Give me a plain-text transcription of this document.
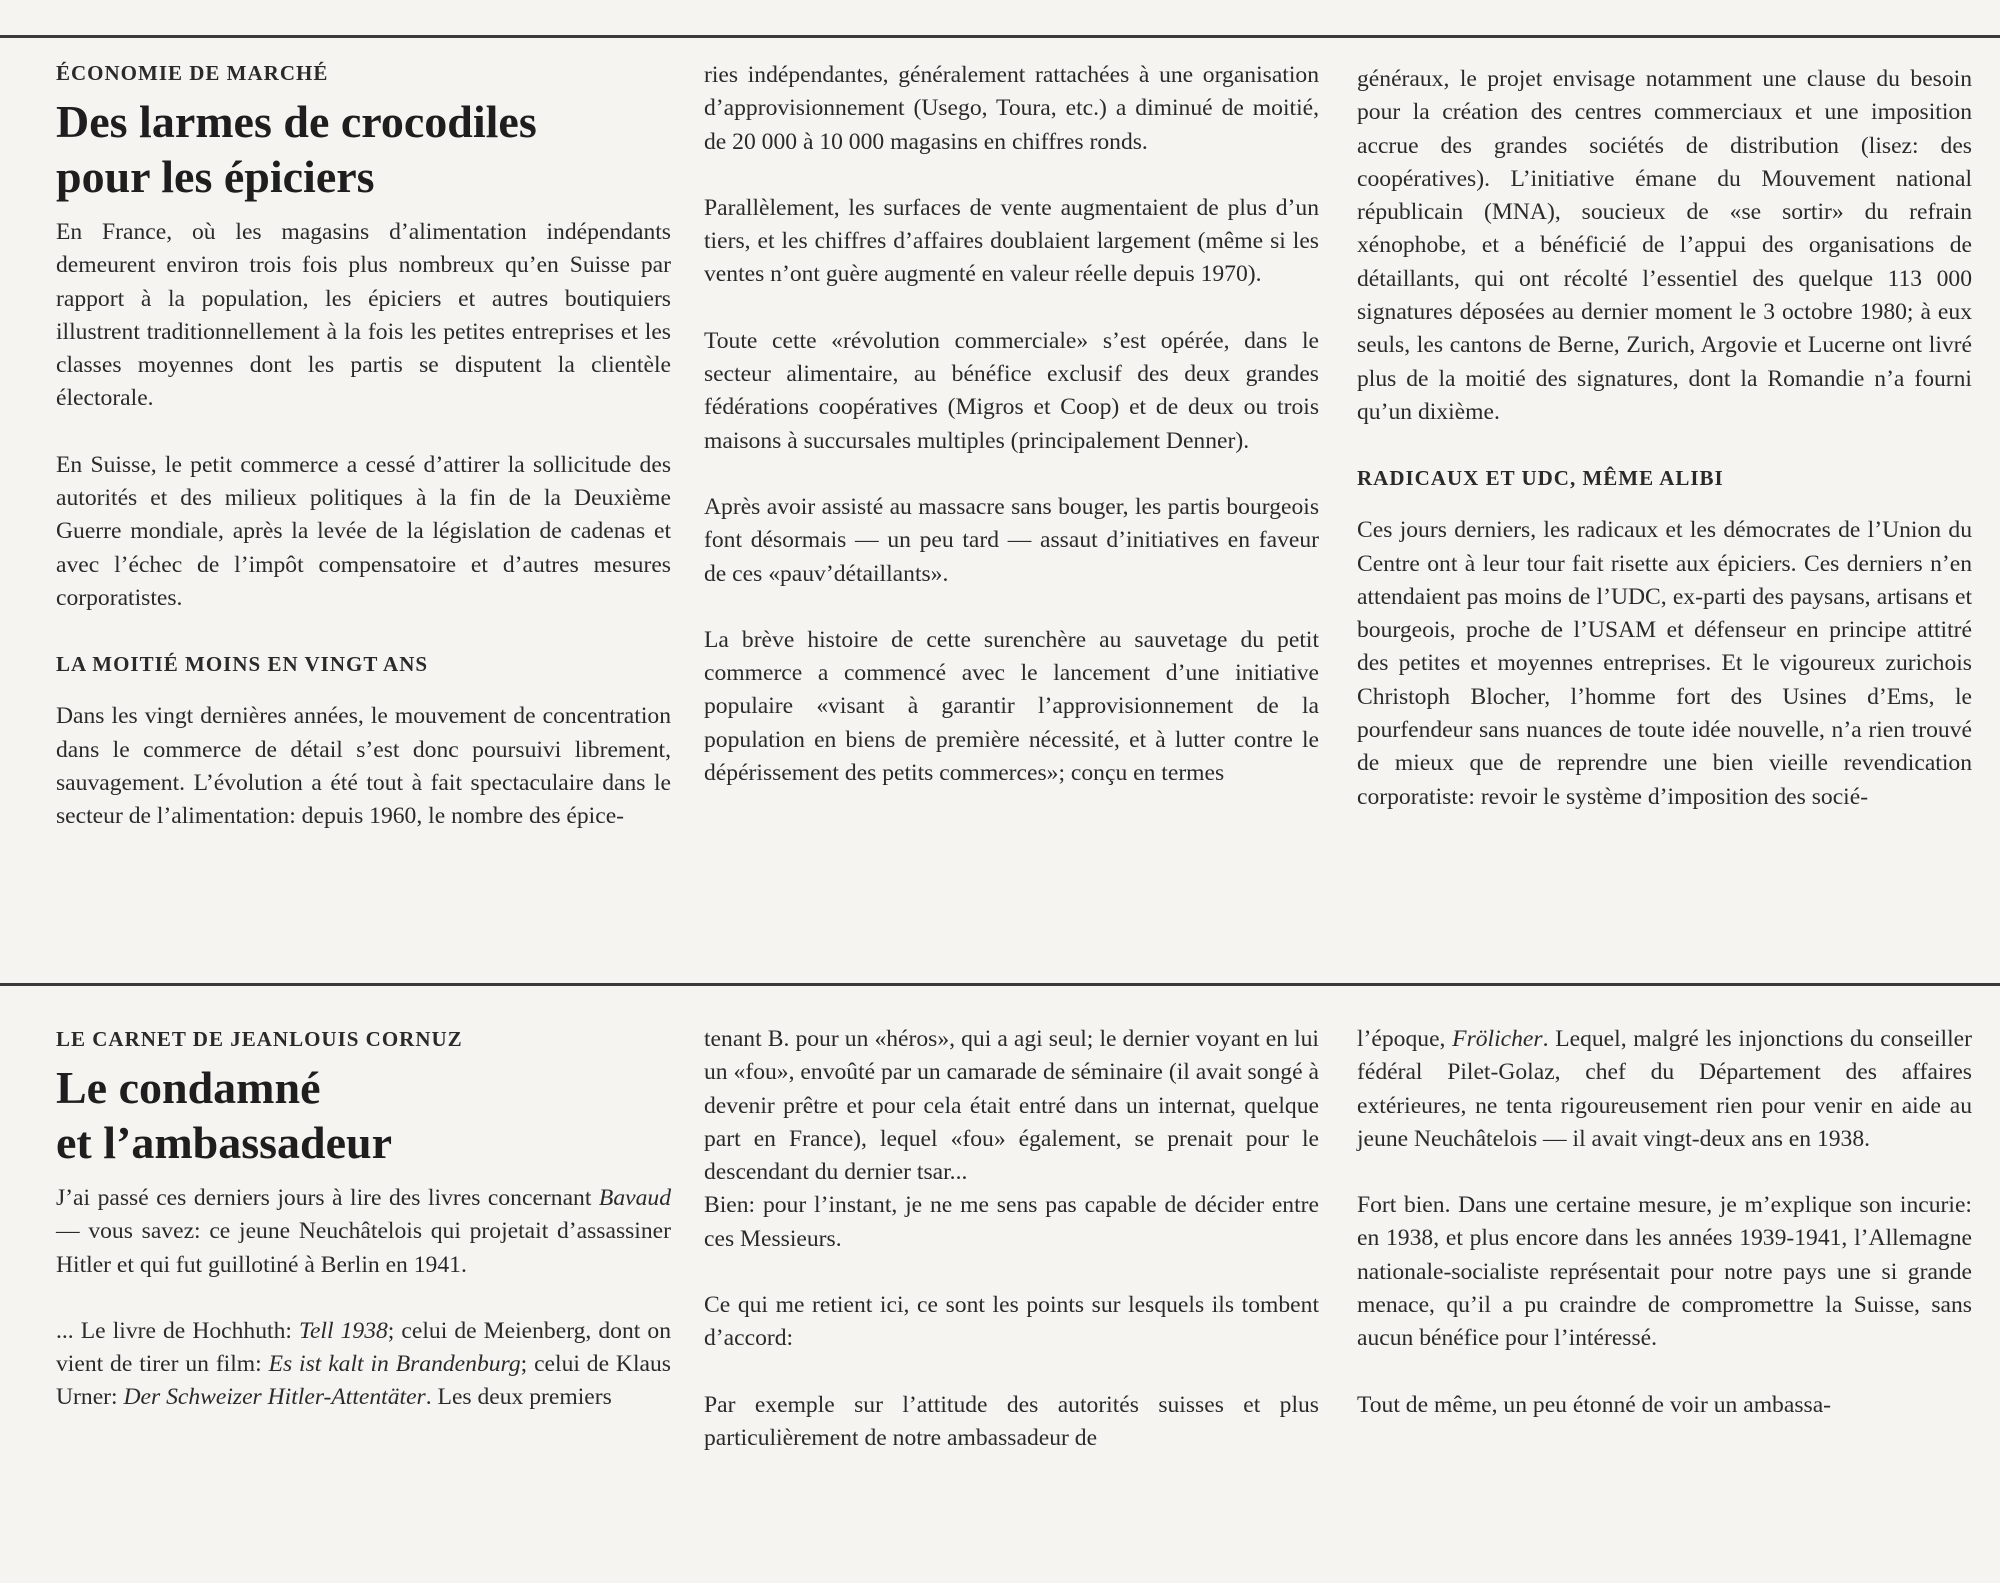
ÉCONOMIE DE MARCHÉ

Des larmes de crocodiles
pour les épiciers

En France, où les magasins d’alimentation indépendants demeurent environ trois fois plus nombreux qu’en Suisse par rapport à la population, les épiciers et autres boutiquiers illustrent traditionnellement à la fois les petites entreprises et les classes moyennes dont les partis se disputent la clientèle électorale.

En Suisse, le petit commerce a cessé d’attirer la sollicitude des autorités et des milieux politiques à la fin de la Deuxième Guerre mondiale, après la levée de la législation de cadenas et avec l’échec de l’impôt compensatoire et d’autres mesures corporatistes.

LA MOITIÉ MOINS EN VINGT ANS

Dans les vingt dernières années, le mouvement de concentration dans le commerce de détail s’est donc poursuivi librement, sauvagement. L’évolution a été tout à fait spectaculaire dans le secteur de l’alimentation: depuis 1960, le nombre des épice-

ries indépendantes, généralement rattachées à une organisation d’approvisionnement (Usego, Toura, etc.) a diminué de moitié, de 20 000 à 10 000 magasins en chiffres ronds.

Parallèlement, les surfaces de vente augmentaient de plus d’un tiers, et les chiffres d’affaires doublaient largement (même si les ventes n’ont guère augmenté en valeur réelle depuis 1970).

Toute cette «révolution commerciale» s’est opérée, dans le secteur alimentaire, au bénéfice exclusif des deux grandes fédérations coopératives (Migros et Coop) et de deux ou trois maisons à succursales multiples (principalement Denner).

Après avoir assisté au massacre sans bouger, les partis bourgeois font désormais — un peu tard — assaut d’initiatives en faveur de ces «pauv’détaillants».

La brève histoire de cette surenchère au sauvetage du petit commerce a commencé avec le lancement d’une initiative populaire «visant à garantir l’approvisionnement de la population en biens de première nécessité, et à lutter contre le dépérissement des petits commerces»; conçu en termes

généraux, le projet envisage notamment une clause du besoin pour la création des centres commerciaux et une imposition accrue des grandes sociétés de distribution (lisez: des coopératives). L’initiative émane du Mouvement national républicain (MNA), soucieux de «se sortir» du refrain xénophobe, et a bénéficié de l’appui des organisations de détaillants, qui ont récolté l’essentiel des quelque 113 000 signatures déposées au dernier moment le 3 octobre 1980; à eux seuls, les cantons de Berne, Zurich, Argovie et Lucerne ont livré plus de la moitié des signatures, dont la Romandie n’a fourni qu’un dixième.

RADICAUX ET UDC, MÊME ALIBI

Ces jours derniers, les radicaux et les démocrates de l’Union du Centre ont à leur tour fait risette aux épiciers. Ces derniers n’en attendaient pas moins de l’UDC, ex-parti des paysans, artisans et bourgeois, proche de l’USAM et défenseur en principe attitré des petites et moyennes entreprises. Et le vigoureux zurichois Christoph Blocher, l’homme fort des Usines d’Ems, le pourfendeur sans nuances de toute idée nouvelle, n’a rien trouvé de mieux que de reprendre une bien vieille revendication corporatiste: revoir le système d’imposition des socié-

LE CARNET DE JEANLOUIS CORNUZ

Le condamné
et l’ambassadeur

J’ai passé ces derniers jours à lire des livres concernant Bavaud — vous savez: ce jeune Neuchâtelois qui projetait d’assassiner Hitler et qui fut guillotiné à Berlin en 1941.

... Le livre de Hochhuth: Tell 1938; celui de Meienberg, dont on vient de tirer un film: Es ist kalt in Brandenburg; celui de Klaus Urner: Der Schweizer Hitler-Attentäter. Les deux premiers

tenant B. pour un «héros», qui a agi seul; le dernier voyant en lui un «fou», envoûté par un camarade de séminaire (il avait songé à devenir prêtre et pour cela était entré dans un internat, quelque part en France), lequel «fou» également, se prenait pour le descendant du dernier tsar...

Bien: pour l’instant, je ne me sens pas capable de décider entre ces Messieurs.

Ce qui me retient ici, ce sont les points sur lesquels ils tombent d’accord:

Par exemple sur l’attitude des autorités suisses et plus particulièrement de notre ambassadeur de

l’époque, Frölicher. Lequel, malgré les injonctions du conseiller fédéral Pilet-Golaz, chef du Département des affaires extérieures, ne tenta rigoureusement rien pour venir en aide au jeune Neuchâtelois — il avait vingt-deux ans en 1938.

Fort bien. Dans une certaine mesure, je m’explique son incurie: en 1938, et plus encore dans les années 1939-1941, l’Allemagne nationale-socialiste représentait pour notre pays une si grande menace, qu’il a pu craindre de compromettre la Suisse, sans aucun bénéfice pour l’intéressé.

Tout de même, un peu étonné de voir un ambassa-
